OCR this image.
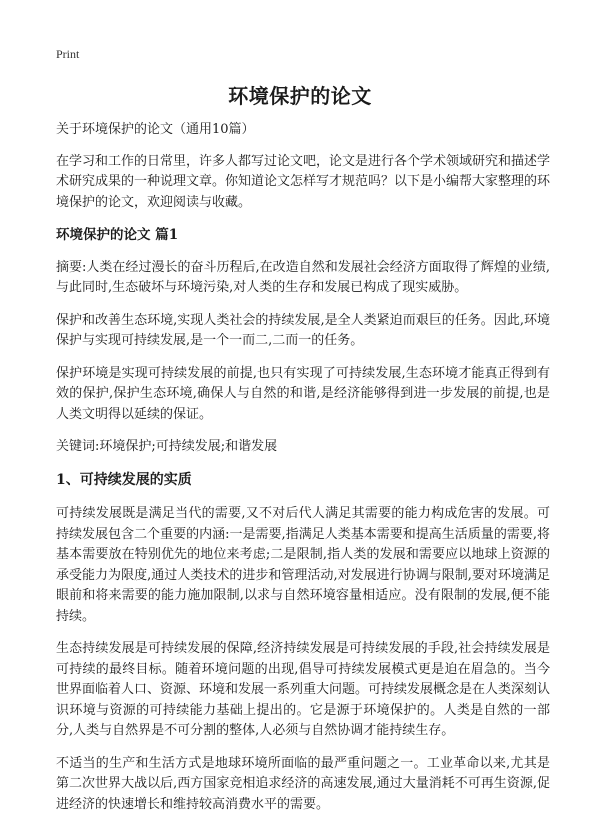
Print
环境保护的论文

关于环境保护的论文（通用10篇）

在学习和工作的日常里，许多人都写过论文吧，论文是进行各个学术领域研究和描述学术研究成果的一种说理文章。你知道论文怎样写才规范吗？以下是小编帮大家整理的环境保护的论文，欢迎阅读与收藏。

环境保护的论文 篇1

摘要:人类在经过漫长的奋斗历程后,在改造自然和发展社会经济方面取得了辉煌的业绩,与此同时,生态破坏与环境污染,对人类的生存和发展已构成了现实威胁。

保护和改善生态环境,实现人类社会的持续发展,是全人类紧迫而艰巨的任务。因此,环境保护与实现可持续发展,是一个一而二,二而一的任务。

保护环境是实现可持续发展的前提,也只有实现了可持续发展,生态环境才能真正得到有效的保护,保护生态环境,确保人与自然的和谐,是经济能够得到进一步发展的前提,也是人类文明得以延续的保证。

关键词:环境保护;可持续发展;和谐发展

1、可持续发展的实质

可持续发展既是满足当代的需要,又不对后代人满足其需要的能力构成危害的发展。可持续发展包含二个重要的内涵:一是需要,指满足人类基本需要和提高生活质量的需要,将基本需要放在特别优先的地位来考虑;二是限制,指人类的发展和需要应以地球上资源的承受能力为限度,通过人类技术的进步和管理活动,对发展进行协调与限制,要对环境满足眼前和将来需要的能力施加限制,以求与自然环境容量相适应。没有限制的发展,便不能持续。

生态持续发展是可持续发展的保障,经济持续发展是可持续发展的手段,社会持续发展是可持续的最终目标。随着环境问题的出现,倡导可持续发展模式更是迫在眉急的。当今世界面临着人口、资源、环境和发展一系列重大问题。可持续发展概念是在人类深刻认识环境与资源的可持续能力基础上提出的。它是源于环境保护的。人类是自然的一部分,人类与自然界是不可分割的整体,人必须与自然协调才能持续生存。

不适当的生产和生活方式是地球环境所面临的最严重问题之一。工业革命以来,尤其是第二次世界大战以后,西方国家竞相追求经济的高速发展,通过大量消耗不可再生资源,促进经济的快速增长和维持较高消费水平的需要。
